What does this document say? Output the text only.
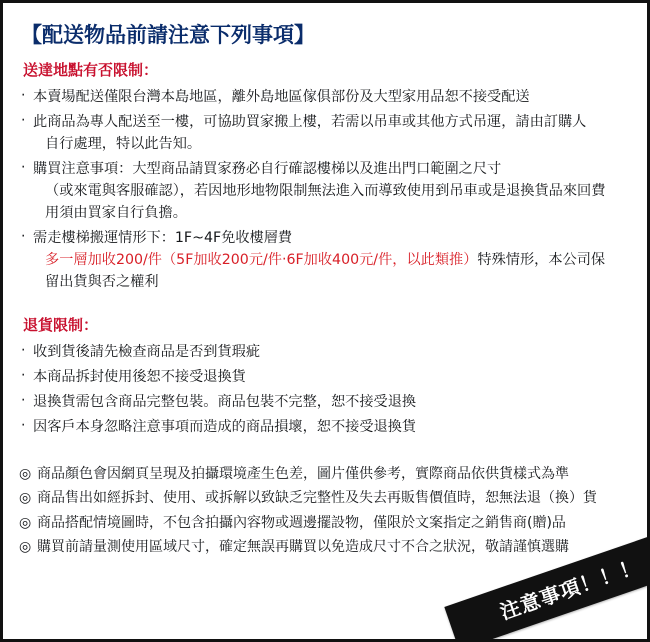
【配送物品前請注意下列事項】
送達地點有否限制：
‧ 本賣場配送僅限台灣本島地區，離外島地區傢俱部份及大型家用品恕不接受配送
‧ 此商品為專人配送至一樓，可協助買家搬上樓，若需以吊車或其他方式吊運，請由訂購人
自行處理，特以此告知。
‧ 購買注意事項：大型商品請買家務必自行確認樓梯以及進出門口範圍之尺寸
（或來電與客服確認），若因地形地物限制無法進入而導致使用到吊車或是退換貨品來回費
用須由買家自行負擔。
‧ 需走樓梯搬運情形下：1F~4F免收樓層費
多一層加收200/件（5F加收200元/件‧6F加收400元/件，以此類推）特殊情形，本公司保
留出貨與否之權利
退貨限制：
‧ 收到貨後請先檢查商品是否到貨瑕疵
‧ 本商品拆封使用後恕不接受退換貨
‧ 退換貨需包含商品完整包裝。商品包裝不完整，恕不接受退換
‧ 因客戶本身忽略注意事項而造成的商品損壞，恕不接受退換貨
◎ 商品顏色會因網頁呈現及拍攝環境產生色差，圖片僅供參考，實際商品依供貨樣式為準
◎ 商品售出如經拆封、使用、或拆解以致缺乏完整性及失去再販售價值時，恕無法退（換）貨
◎ 商品搭配情境圖時，不包含拍攝內容物或週邊擺設物，僅限於文案指定之銷售商(贈)品
◎ 購買前請量測使用區域尺寸，確定無誤再購買以免造成尺寸不合之狀況，敬請謹慎選購
注意事項！！！
